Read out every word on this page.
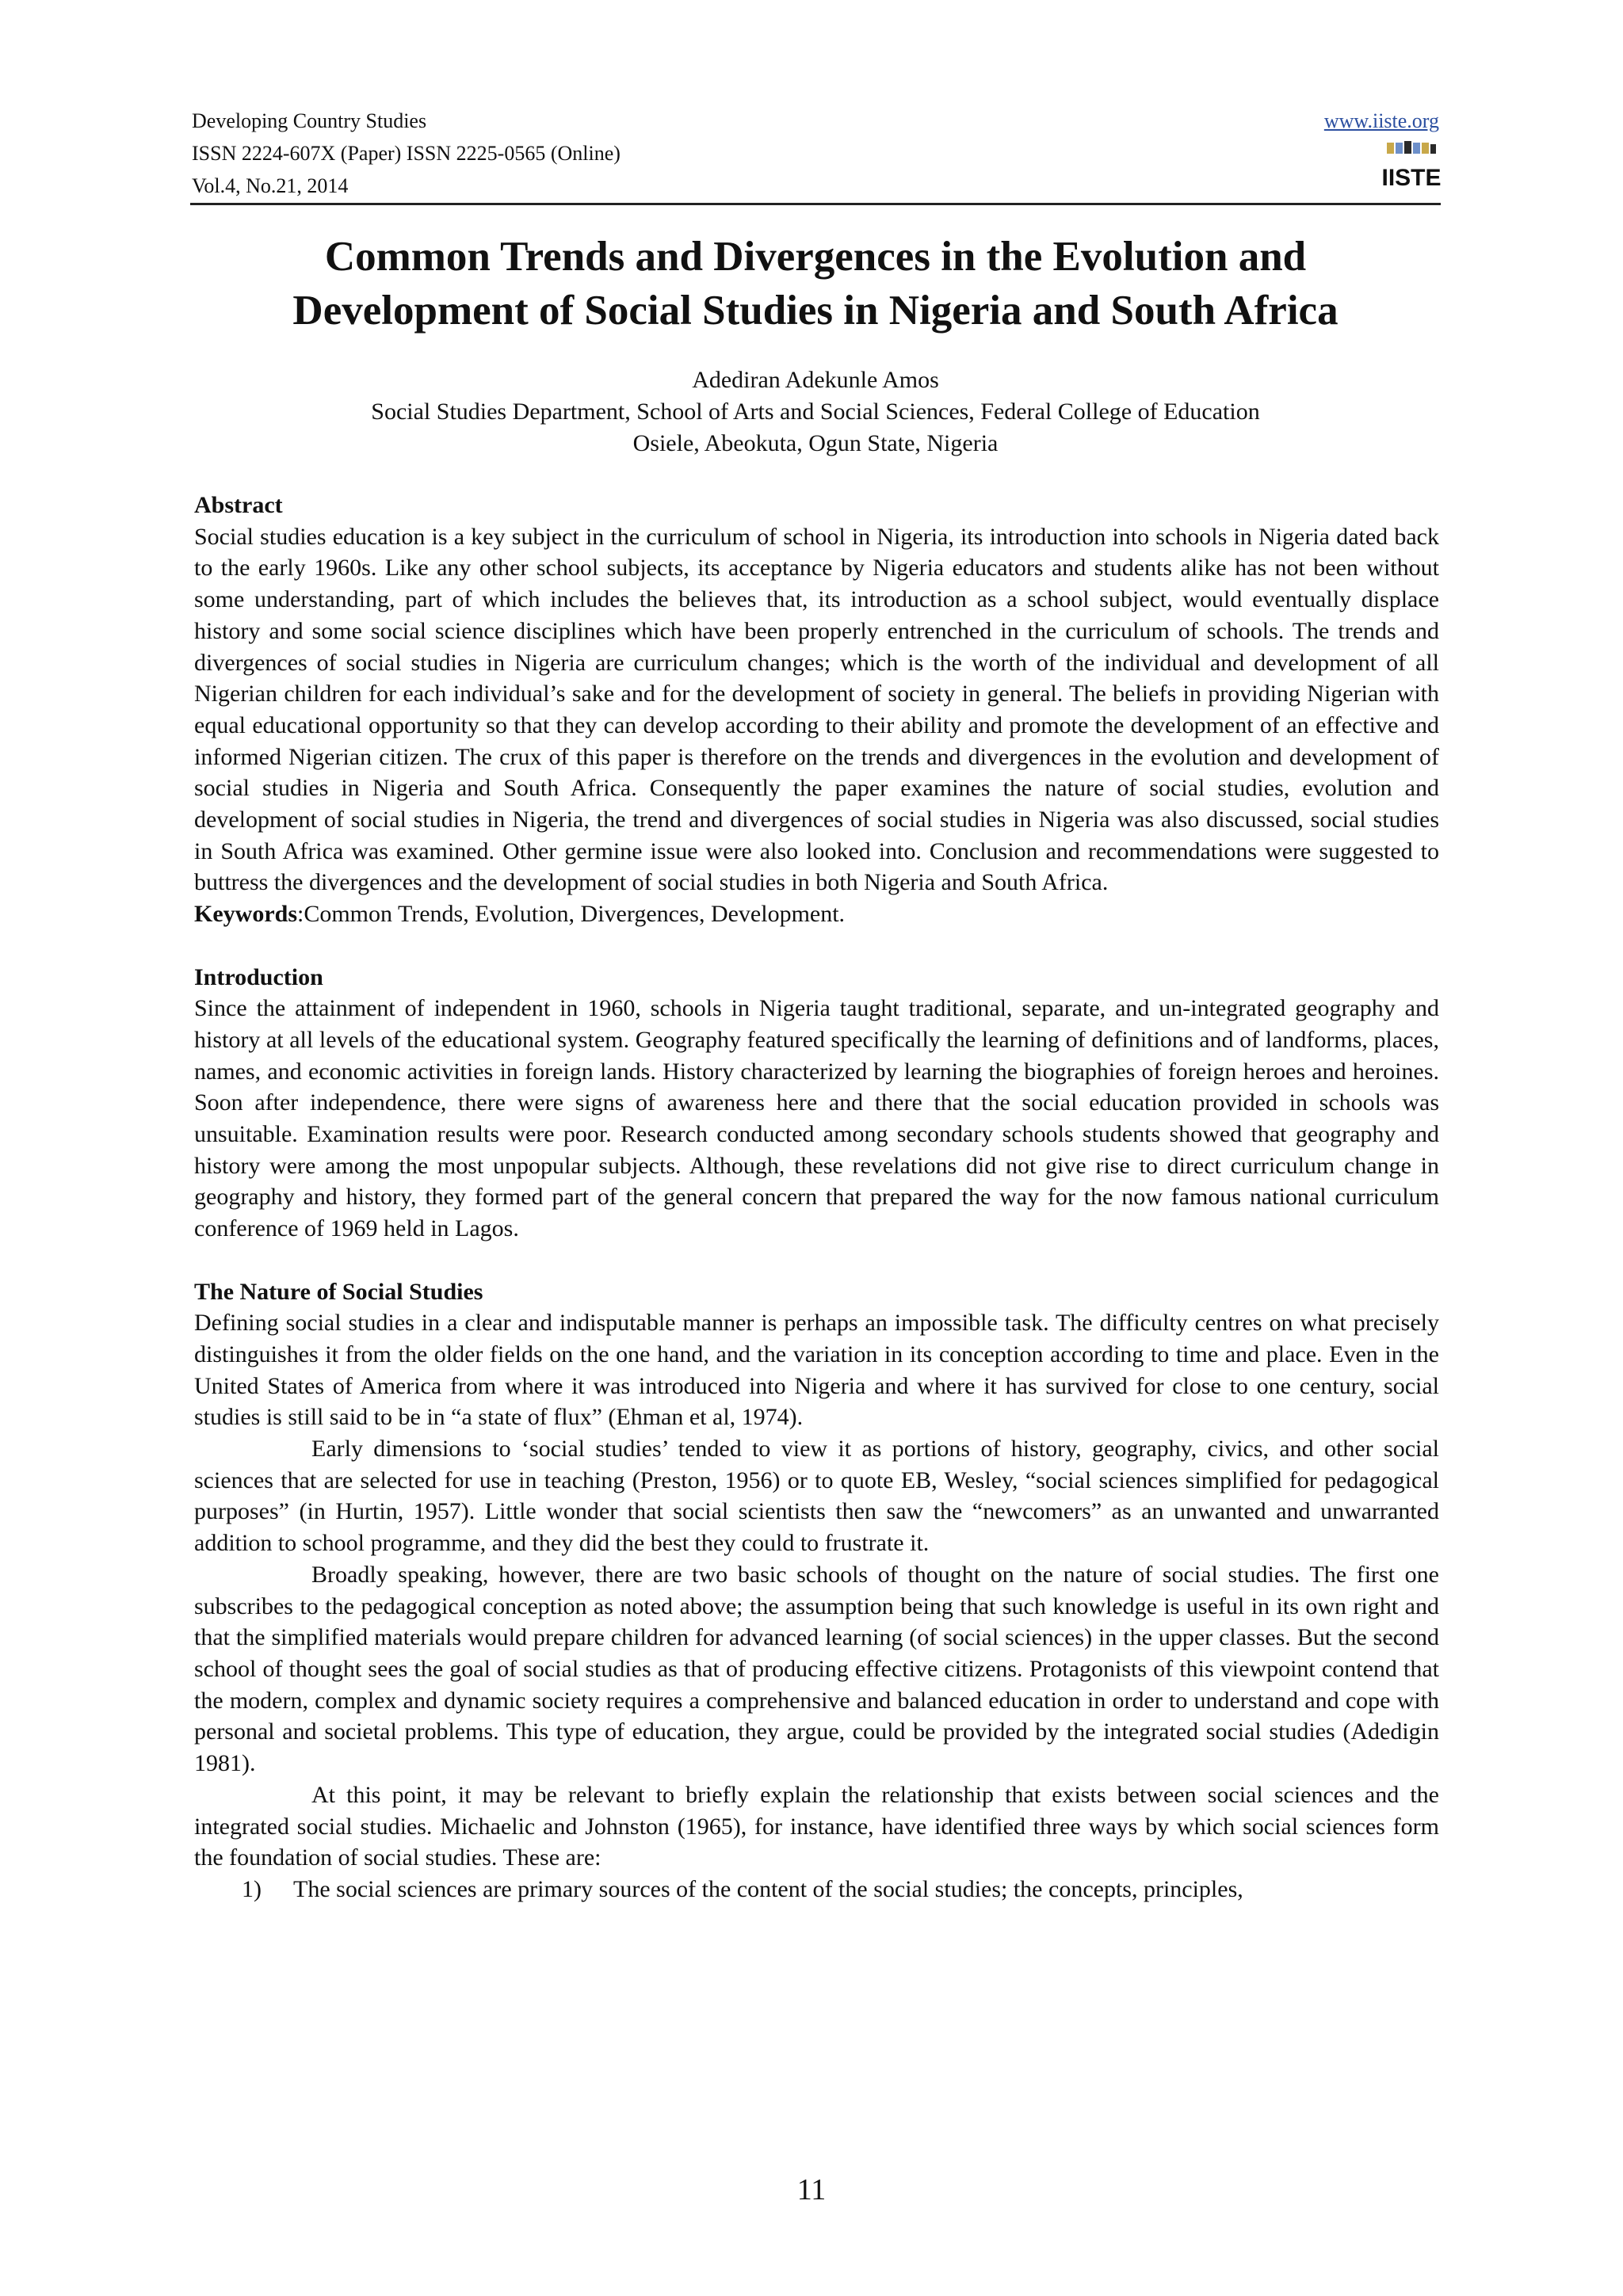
Developing Country Studies
ISSN 2224-607X (Paper) ISSN 2225-0565 (Online)
Vol.4, No.21, 2014
www.iiste.org
IISTE
Common Trends and Divergences in the Evolution and
Development of Social Studies in Nigeria and South Africa
Adediran Adekunle Amos
Social Studies Department, School of Arts and Social Sciences, Federal College of Education
Osiele, Abeokuta, Ogun State, Nigeria
Abstract

Social studies education is a key subject in the curriculum of school in Nigeria, its introduction into schools in Nigeria dated back to the early 1960s. Like any other school subjects, its acceptance by Nigeria educators and students alike has not been without some understanding, part of which includes the believes that, its introduction as a school subject, would eventually displace history and some social science disciplines which have been properly entrenched in the curriculum of schools. The trends and divergences of social studies in Nigeria are curriculum changes; which is the worth of the individual and development of all Nigerian children for each individual’s sake and for the development of society in general. The beliefs in providing Nigerian with equal educational opportunity so that they can develop according to their ability and promote the development of an effective and informed Nigerian citizen. The crux of this paper is therefore on the trends and divergences in the evolution and development of social studies in Nigeria and South Africa. Consequently the paper examines the nature of social studies, evolution and development of social studies in Nigeria, the trend and divergences of social studies in Nigeria was also discussed, social studies in South Africa was examined. Other germine issue were also looked into. Conclusion and recommendations were suggested to buttress the divergences and the development of social studies in both Nigeria and South Africa.

Keywords:Common Trends, Evolution, Divergences, Development.

Introduction

Since the attainment of independent in 1960, schools in Nigeria taught traditional, separate, and un-integrated geography and history at all levels of the educational system. Geography featured specifically the learning of definitions and of landforms, places, names, and economic activities in foreign lands. History characterized by learning the biographies of foreign heroes and heroines. Soon after independence, there were signs of awareness here and there that the social education provided in schools was unsuitable. Examination results were poor. Research conducted among secondary schools students showed that geography and history were among the most unpopular subjects. Although, these revelations did not give rise to direct curriculum change in geography and history, they formed part of the general concern that prepared the way for the now famous national curriculum conference of 1969 held in Lagos.

The Nature of Social Studies

Defining social studies in a clear and indisputable manner is perhaps an impossible task. The difficulty centres on what precisely distinguishes it from the older fields on the one hand, and the variation in its conception according to time and place. Even in the United States of America from where it was introduced into Nigeria and where it has survived for close to one century, social studies is still said to be in “a state of flux” (Ehman et al, 1974).

Early dimensions to ‘social studies’ tended to view it as portions of history, geography, civics, and other social sciences that are selected for use in teaching (Preston, 1956) or to quote EB, Wesley, “social sciences simplified for pedagogical purposes” (in Hurtin, 1957). Little wonder that social scientists then saw the “newcomers” as an unwanted and unwarranted addition to school programme, and they did the best they could to frustrate it.

Broadly speaking, however, there are two basic schools of thought on the nature of social studies. The first one subscribes to the pedagogical conception as noted above; the assumption being that such knowledge is useful in its own right and that the simplified materials would prepare children for advanced learning (of social sciences) in the upper classes. But the second school of thought sees the goal of social studies as that of producing effective citizens. Protagonists of this viewpoint contend that the modern, complex and dynamic society requires a comprehensive and balanced education in order to understand and cope with personal and societal problems. This type of education, they argue, could be provided by the integrated social studies (Adedigin 1981).

At this point, it may be relevant to briefly explain the relationship that exists between social sciences and the integrated social studies. Michaelic and Johnston (1965), for instance, have identified three ways by which social sciences form the foundation of social studies. These are:

1)	The social sciences are primary sources of the content of the social studies; the concepts, principles,
11
